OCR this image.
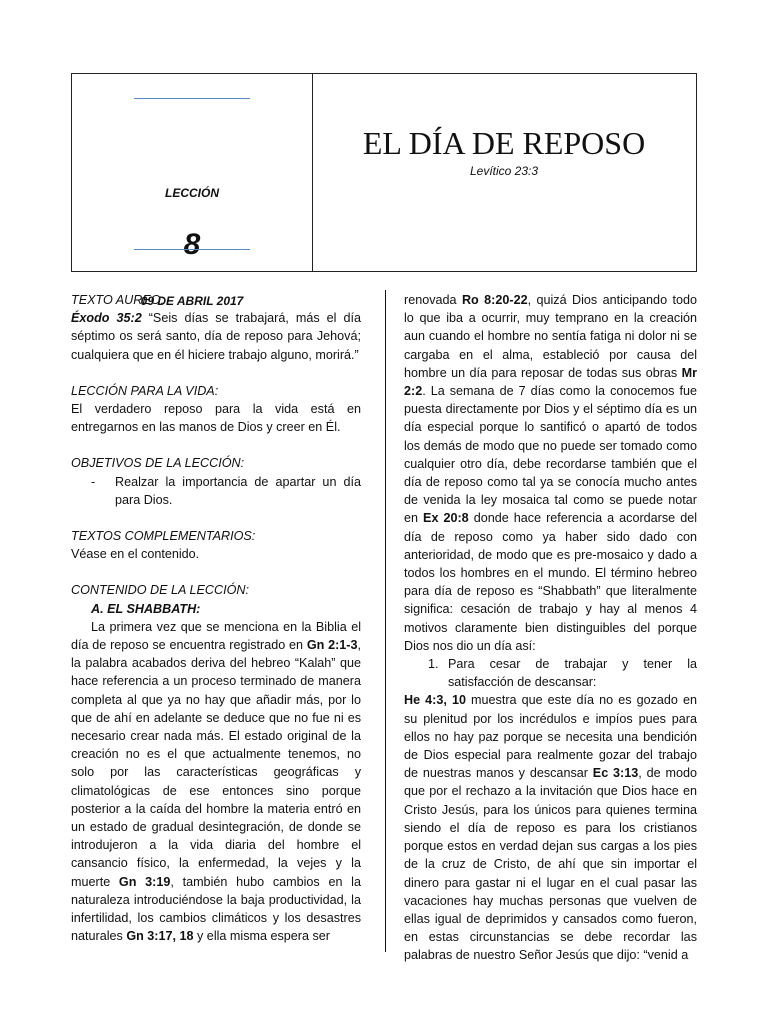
LECCIÓN
8
09 DE ABRIL 2017
EL DÍA DE REPOSO
Levítico 23:3

TEXTO AUREO:

Éxodo 35:2 “Seis días se trabajará, más el día séptimo os será santo, día de reposo para Jehová; cualquiera que en él hiciere trabajo alguno, morirá.”

LECCIÓN PARA LA VIDA:

El verdadero reposo para la vida está en entregarnos en las manos de Dios y creer en Él.

OBJETIVOS DE LA LECCIÓN:

-	Realzar la importancia de apartar un día para Dios.

TEXTOS COMPLEMENTARIOS:

Véase en el contenido.

CONTENIDO DE LA LECCIÓN:

A. EL SHABBATH:

La primera vez que se menciona en la Biblia el día de reposo se encuentra registrado en Gn 2:1-3, la palabra acabados deriva del hebreo “Kalah” que hace referencia a un proceso terminado de manera completa al que ya no hay que añadir más, por lo que de ahí en adelante se deduce que no fue ni es necesario crear nada más. El estado original de la creación no es el que actualmente tenemos, no solo por las características geográficas y climatológicas de ese entonces sino porque posterior a la caída del hombre la materia entró en un estado de gradual desintegración, de donde se introdujeron a la vida diaria del hombre el cansancio físico, la enfermedad, la vejes y la muerte Gn 3:19, también hubo cambios en la naturaleza introduciéndose la baja productividad, la infertilidad, los cambios climáticos y los desastres naturales Gn 3:17, 18 y ella misma espera ser

renovada Ro 8:20-22, quizá Dios anticipando todo lo que iba a ocurrir, muy temprano en la creación aun cuando el hombre no sentía fatiga ni dolor ni se cargaba en el alma, estableció por causa del hombre un día para reposar de todas sus obras Mr 2:2. La semana de 7 días como la conocemos fue puesta directamente por Dios y el séptimo día es un día especial porque lo santificó o apartó de todos los demás de modo que no puede ser tomado como cualquier otro día, debe recordarse también que el día de reposo como tal ya se conocía mucho antes de venida la ley mosaica tal como se puede notar en Ex 20:8 donde hace referencia a acordarse del día de reposo como ya haber sido dado con anterioridad, de modo que es pre-mosaico y dado a todos los hombres en el mundo. El término hebreo para día de reposo es “Shabbath” que literalmente significa: cesación de trabajo y hay al menos 4 motivos claramente bien distinguibles del porque Dios nos dio un día así:

1. Para cesar de trabajar y tener la satisfacción de descansar:

He 4:3, 10 muestra que este día no es gozado en su plenitud por los incrédulos e impíos pues para ellos no hay paz porque se necesita una bendición de Dios especial para realmente gozar del trabajo de nuestras manos y descansar Ec 3:13, de modo que por el rechazo a la invitación que Dios hace en Cristo Jesús, para los únicos para quienes termina siendo el día de reposo es para los cristianos porque estos en verdad dejan sus cargas a los pies de la cruz de Cristo, de ahí que sin importar el dinero para gastar ni el lugar en el cual pasar las vacaciones hay muchas personas que vuelven de ellas igual de deprimidos y cansados como fueron, en estas circunstancias se debe recordar las palabras de nuestro Señor Jesús que dijo: “venid a
